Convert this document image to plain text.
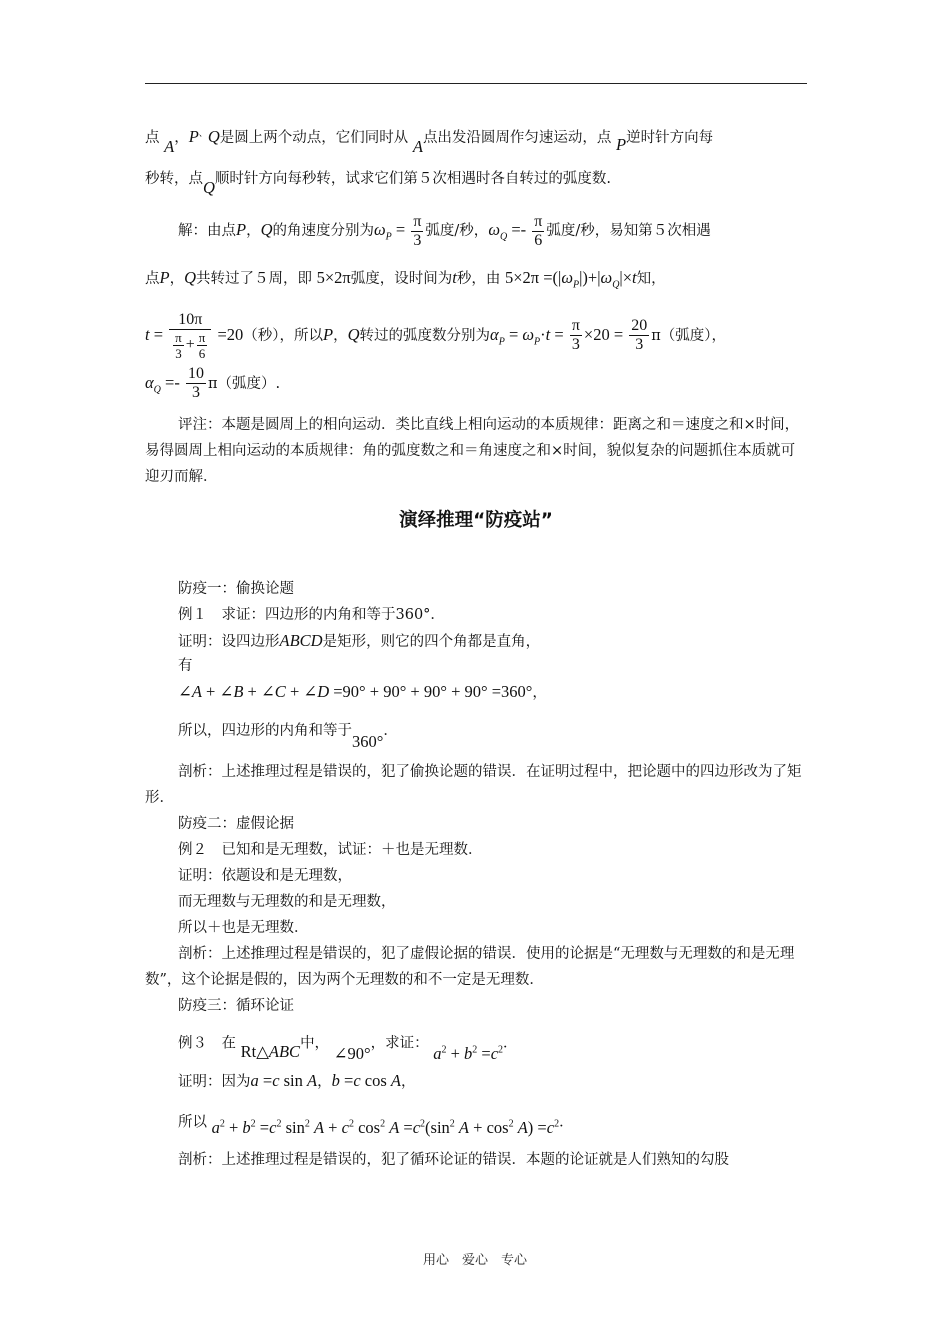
点 A，P、Q是圆上两个动点，它们同时从 A点出发沿圆周作匀速运动，点 P逆时针方向每

秒转，点Q顺时针方向每秒转，试求它们第５次相遇时各自转过的弧度数.

解：由点P，Q的角速度分别为$\omega_P = \frac{\pi}{3}$ 弧度/秒，$\omega_Q =- \frac{\pi}{6}$ 弧度/秒，易知第５次相遇

点P，Q共转过了５周，即 5×2π弧度，设时间为t秒，由 $5\times 2\pi =(|\omega_P|)+|\omega_Q|\times t$知，

$t = \frac{10\pi}{\frac{\pi}{3} + \frac{\pi}{6}} =20$（秒），所以P，Q转过的弧度数分别为$\alpha_P = \omega_P\cdot t = \frac{\pi}{3} \times 20 = \frac{20}{3} \pi$（弧度），

$\alpha_Q =- \frac{10}{3} \pi$（弧度）.

评注：本题是圆周上的相向运动．类比直线上相向运动的本质规律：距离之和＝速度之和×时间，易得圆周上相向运动的本质规律：角的弧度数之和＝角速度之和×时间，貌似复杂的问题抓住本质就可迎刃而解．

演绎推理“防疫站”

防疫一：偷换论题

例１　求证：四边形的内角和等于360°．

证明：设四边形ABCD是矩形，则它的四个角都是直角，

有

∠A + ∠B + ∠C + ∠D =90° + 90° + 90° + 90° =360°，

所以，四边形的内角和等于360°．

剖析：上述推理过程是错误的，犯了偷换论题的错误．在证明过程中，把论题中的四边形改为了矩形．

防疫二：虚假论据

例２　已知和是无理数，试证：＋也是无理数．

证明：依题设和是无理数，

而无理数与无理数的和是无理数，

所以＋也是无理数．

剖析：上述推理过程是错误的，犯了虚假论据的错误．使用的论据是“无理数与无理数的和是无理数”，这个论据是假的，因为两个无理数的和不一定是无理数．

防疫三：循环论证

例３　在 Rt△ABC中， ∠90°，求证： $a^2 + b^2 =c^2$．

证明：因为a =c sin A，b =c cos A，

所以 $a^2 + b^2 =c^2$ $\sin^2 A + c^2$ $\cos^2 A =c^2(\sin^2$ $A + \cos^2 A) =c^2$．

剖析：上述推理过程是错误的，犯了循环论证的错误．本题的论证就是人们熟知的勾股

用心　爱心　专心
